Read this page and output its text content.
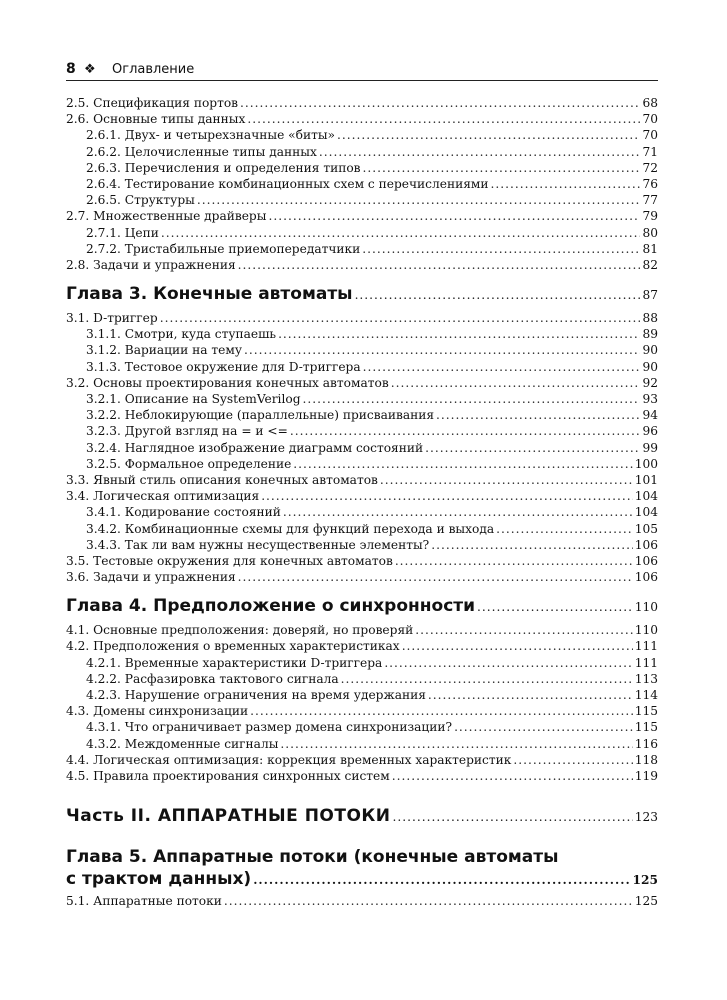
8 ❖	Оглавление
2.5. Спецификация портов .....	68
2.6. Основные типы данных .....	70
2.6.1. Двух- и четырехзначные «биты» .....	70
2.6.2. Целочисленные типы данных .....	71
2.6.3. Перечисления и определения типов .....	72
2.6.4. Тестирование комбинационных схем с перечислениями .....	76
2.6.5. Структуры .....	77
2.7. Множественные драйверы .....	79
2.7.1. Цепи .....	80
2.7.2. Тристабильные приемопередатчики .....	81
2.8. Задачи и упражнения .....	82
Глава 3. Конечные автоматы .....	87
3.1. D-триггер .....	88
3.1.1. Смотри, куда ступаешь .....	89
3.1.2. Вариации на тему .....	90
3.1.3. Тестовое окружение для D-триггера .....	90
3.2. Основы проектирования конечных автоматов .....	92
3.2.1. Описание на SystemVerilog .....	93
3.2.2. Неблокирующие (параллельные) присваивания .....	94
3.2.3. Другой взгляд на = и <= .....	96
3.2.4. Наглядное изображение диаграмм состояний .....	99
3.2.5. Формальное определение .....	100
3.3. Явный стиль описания конечных автоматов .....	101
3.4. Логическая оптимизация .....	104
3.4.1. Кодирование состояний .....	104
3.4.2. Комбинационные схемы для функций перехода и выхода .....	105
3.4.3. Так ли вам нужны несущественные элементы? .....	106
3.5. Тестовые окружения для конечных автоматов .....	106
3.6. Задачи и упражнения .....	106
Глава 4. Предположение о синхронности .....	110
4.1. Основные предположения: доверяй, но проверяй .....	110
4.2. Предположения о временных характеристиках .....	111
4.2.1. Временные характеристики D-триггера .....	111
4.2.2. Расфазировка тактового сигнала .....	113
4.2.3. Нарушение ограничения на время удержания .....	114
4.3. Домены синхронизации .....	115
4.3.1. Что ограничивает размер домена синхронизации? .....	115
4.3.2. Междоменные сигналы .....	116
4.4. Логическая оптимизация: коррекция временных характеристик .....	118
4.5. Правила проектирования синхронных систем .....	119
Часть II. АППАРАТНЫЕ ПОТОКИ .....	123
Глава 5. Аппаратные потоки (конечные автоматы
с трактом данных) .....	125
5.1. Аппаратные потоки .....	125
